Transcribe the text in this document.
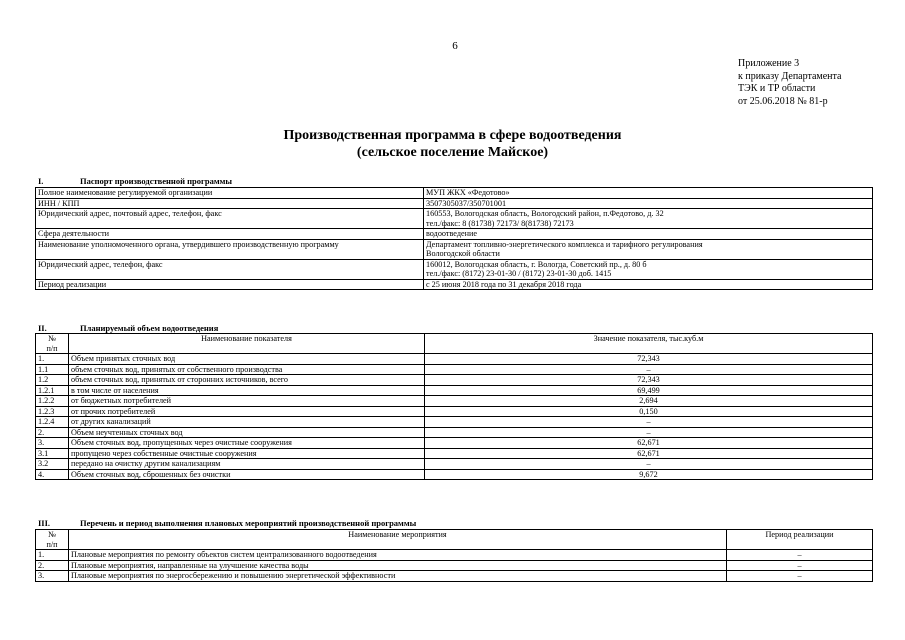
6
Приложение 3
к приказу Департамента
ТЭК и ТР области
от 25.06.2018 № 81-р
Производственная программа в сфере водоотведения
(сельское поселение Майское)
I.	Паспорт производственной программы
Полное наименование регулируемой организации	МУП ЖКХ «Федотово»
ИНН / КПП	3507305037/350701001
Юридический адрес, почтовый адрес, телефон, факс	160553, Вологодская область, Вологодский район, п.Федотово, д. 32
тел./факс: 8 (81738) 72173/ 8(81738) 72173

Сфера деятельности	водоотведение
Наименование уполномоченного органа, утвердившего производственную программу	Департамент топливно-энергетического комплекса и тарифного регулирования
Вологодской области

Юридический адрес, телефон, факс	160012, Вологодская область, г. Вологда, Советский пр., д. 80 б
тел./факс: (8172) 23-01-30 / (8172) 23-01-30 доб. 1415

Период реализации	с 25 июня 2018 года по 31 декабря 2018 года
II.	Планируемый объем водоотведения
№
п/п	Наименование показателя	Значение показателя, тыс.куб.м
1.	Объем принятых сточных вод	72,343
1.1	объем сточных вод, принятых от собственного производства	–
1.2	объем сточных вод, принятых от сторонних источников, всего	72,343
1.2.1	в том числе от населения	69,499
1.2.2	от бюджетных потребителей	2,694
1.2.3	от прочих потребителей	0,150
1.2.4	от других канализаций	–
2.	Объем неучтенных сточных вод	–
3.	Объем сточных вод, пропущенных через очистные сооружения	62,671
3.1	пропущено через собственные очистные сооружения	62,671
3.2	передано на очистку другим канализациям	–
4.	Объем сточных вод, сброшенных без очистки	9,672
III.	Перечень и период выполнения плановых мероприятий производственной программы
№
п/п	Наименование мероприятия	Период реализации
1.	Плановые мероприятия по ремонту объектов систем централизованного водоотведения	–
2.	Плановые мероприятия, направленные на улучшение качества воды	–
3.	Плановые мероприятия по энергосбережению и повышению энергетической эффективности	–
